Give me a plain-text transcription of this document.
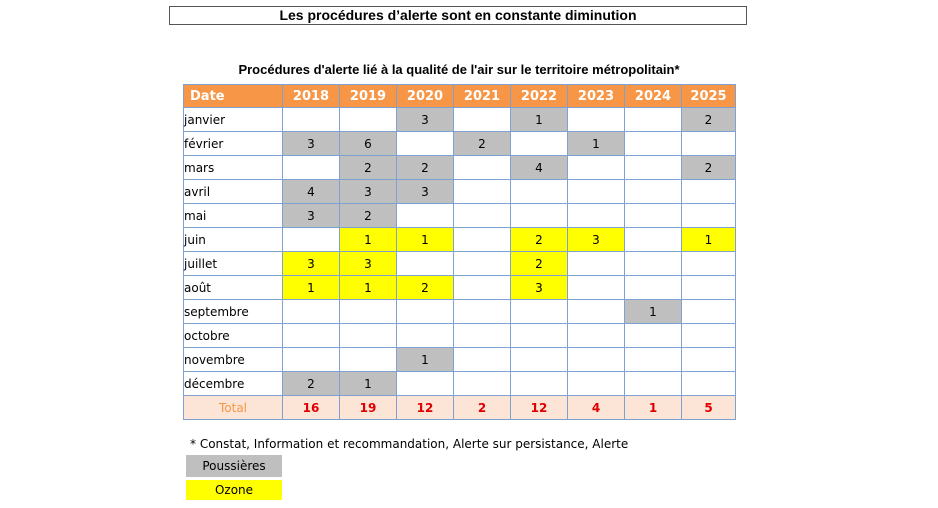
Les procédures d’alerte sont en constante diminution
Procédures d'alerte lié à la qualité de l'air sur le territoire métropolitain*
Date	2018	2019	2020	2021	2022	2023	2024	2025
janvier			3		1			2
février	3	6		2		1		
mars		2	2		4			2
avril	4	3	3					
mai	3	2						
juin		1	1		2	3		1
juillet	3	3			2			
août	1	1	2		3			
septembre							1	
octobre								
novembre			1					
décembre	2	1						
Total	16	19	12	2	12	4	1	5
* Constat, Information et recommandation, Alerte sur persistance, Alerte
Poussières
Ozone
